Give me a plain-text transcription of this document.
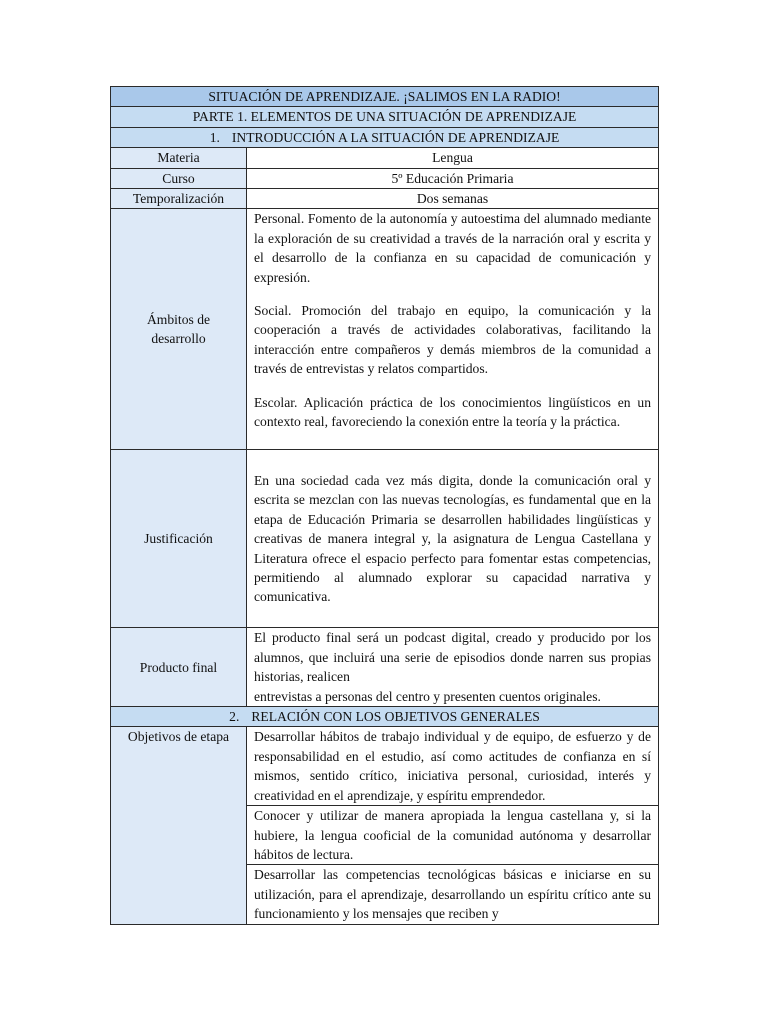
SITUACIÓN DE APRENDIZAJE. ¡SALIMOS EN LA RADIO!	
PARTE 1. ELEMENTOS DE UNA SITUACIÓN DE APRENDIZAJE	
1. INTRODUCCIÓN A LA SITUACIÓN DE APRENDIZAJE	
Materia	Lengua
Curso	5º Educación Primaria
Temporalización	Dos semanas
Ámbitos de desarrollo	Personal. Fomento de la autonomía y autoestima del alumnado mediante la exploración de su creatividad a través de la narración oral y escrita y el desarrollo de la confianza en su capacidad de comunicación y expresión.

Social. Promoción del trabajo en equipo, la comunicación y la cooperación a través de actividades colaborativas, facilitando la interacción entre compañeros y demás miembros de la comunidad a través de entrevistas y relatos compartidos.

Escolar. Aplicación práctica de los conocimientos lingüísticos en un contexto real, favoreciendo la conexión entre la teoría y la práctica.

Justificación	En una sociedad cada vez más digita, donde la comunicación oral y escrita se mezclan con las nuevas tecnologías, es fundamental que en la etapa de Educación Primaria se desarrollen habilidades lingüísticas y creativas de manera integral y, la asignatura de Lengua Castellana y Literatura ofrece el espacio perfecto para fomentar estas competencias, permitiendo al alumnado explorar su capacidad narrativa y comunicativa.
Producto final	El producto final será un podcast digital, creado y producido por los alumnos, que incluirá una serie de episodios donde narren sus propias historias, realicen
entrevistas a personas del centro y presenten cuentos originales.

2. RELACIÓN CON LOS OBJETIVOS GENERALES	
Objetivos de etapa	Desarrollar hábitos de trabajo individual y de equipo, de esfuerzo y de responsabilidad en el estudio, así como actitudes de confianza en sí mismos, sentido crítico, iniciativa personal, curiosidad, interés y creatividad en el aprendizaje, y espíritu emprendedor.
	Conocer y utilizar de manera apropiada la lengua castellana y, si la hubiere, la lengua cooficial de la comunidad autónoma y desarrollar hábitos de lectura.
	Desarrollar las competencias tecnológicas básicas e iniciarse en su utilización, para el aprendizaje, desarrollando un espíritu crítico ante su funcionamiento y los mensajes que reciben y
